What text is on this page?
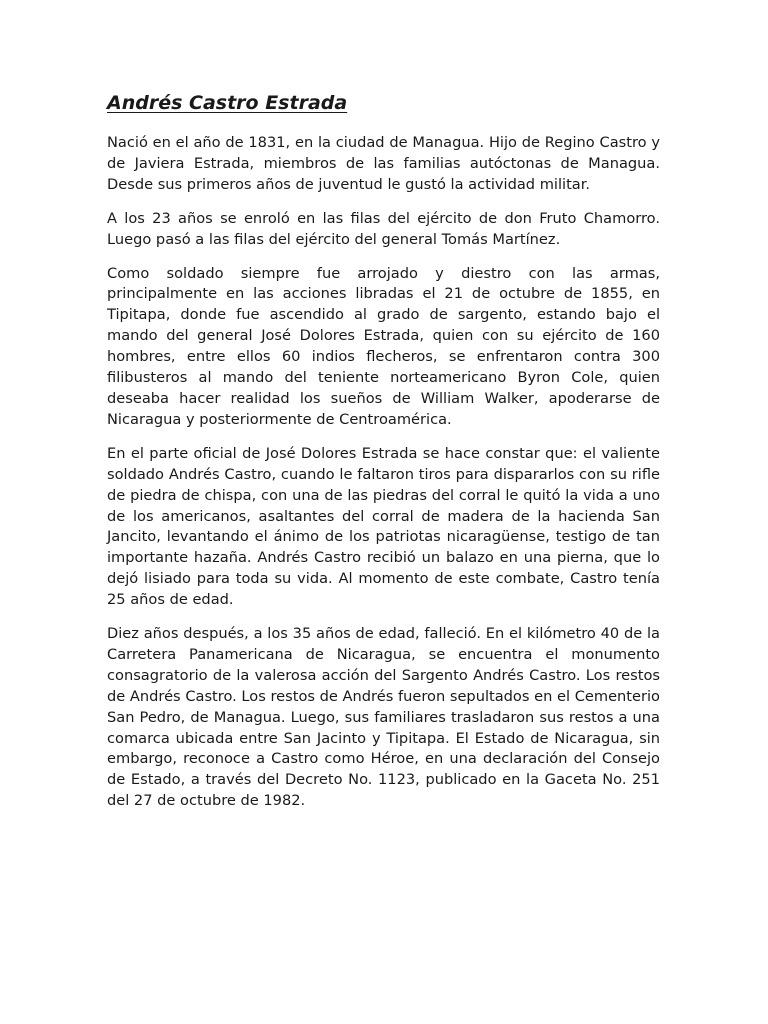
Andrés Castro Estrada

Nació en el año de 1831, en la ciudad de Managua. Hijo de Regino Castro y de Javiera Estrada, miembros de las familias autóctonas de Managua. Desde sus primeros años de juventud le gustó la actividad militar.

A los 23 años se enroló en las filas del ejército de don Fruto Chamorro. Luego pasó a las filas del ejército del general Tomás Martínez.

Como soldado siempre fue arrojado y diestro con las armas, principalmente en las acciones libradas el 21 de octubre de 1855, en Tipitapa, donde fue ascendido al grado de sargento, estando bajo el mando del general José Dolores Estrada, quien con su ejército de 160 hombres, entre ellos 60 indios flecheros, se enfrentaron contra 300 filibusteros al mando del teniente norteamericano Byron Cole, quien deseaba hacer realidad los sueños de William Walker, apoderarse de Nicaragua y posteriormente de Centroamérica.

En el parte oficial de José Dolores Estrada se hace constar que: el valiente soldado Andrés Castro, cuando le faltaron tiros para dispararlos con su rifle de piedra de chispa, con una de las piedras del corral le quitó la vida a uno de los americanos, asaltantes del corral de madera de la hacienda San Jancito, levantando el ánimo de los patriotas nicaragüense, testigo de tan importante hazaña. Andrés Castro recibió un balazo en una pierna, que lo dejó lisiado para toda su vida. Al momento de este combate, Castro tenía 25 años de edad.

Diez años después, a los 35 años de edad, falleció. En el kilómetro 40 de la Carretera Panamericana de Nicaragua, se encuentra el monumento consagratorio de la valerosa acción del Sargento Andrés Castro. Los restos de Andrés Castro. Los restos de Andrés fueron sepultados en el Cementerio San Pedro, de Managua. Luego, sus familiares trasladaron sus restos a una comarca ubicada entre San Jacinto y Tipitapa. El Estado de Nicaragua, sin embargo, reconoce a Castro como Héroe, en una declaración del Consejo de Estado, a través del Decreto No. 1123, publicado en la Gaceta No. 251 del 27 de octubre de 1982.
